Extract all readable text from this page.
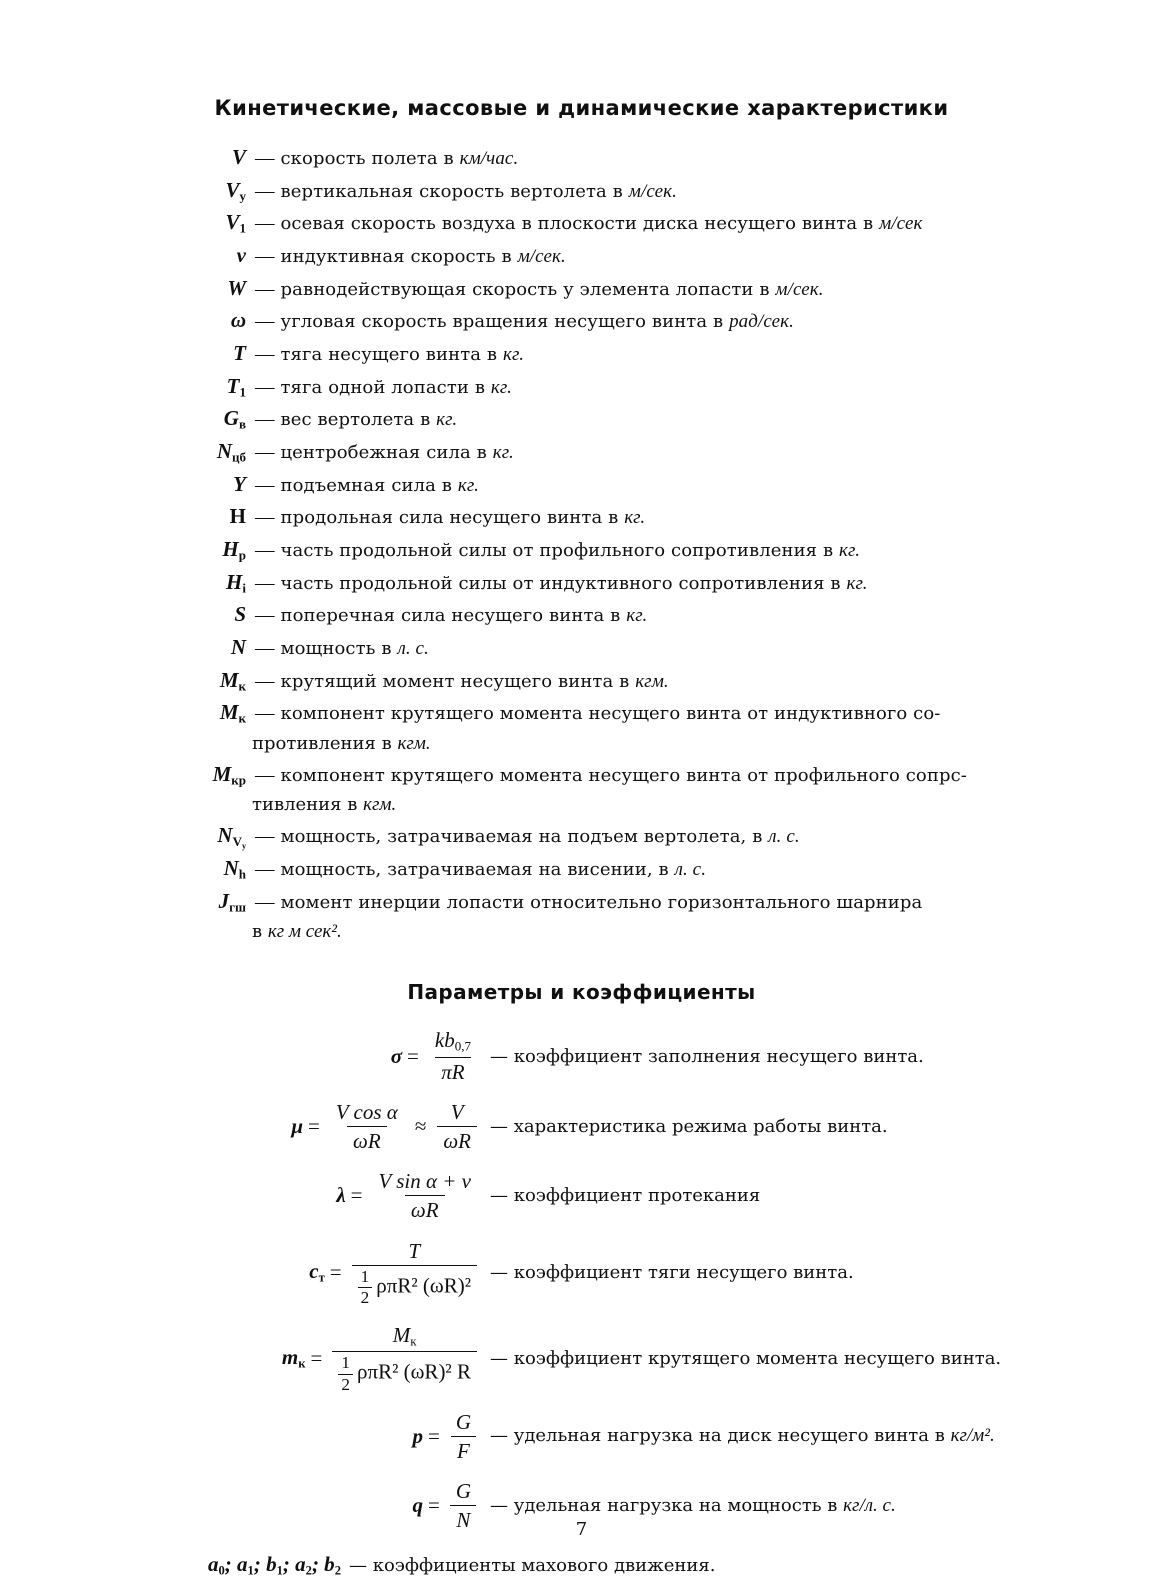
Кинетические, массовые и динамические характеристики
V — скорость полета в км/час.
$V_y$ — вертикальная скорость вертолета в м/сек.
$V_1$ — осевая скорость воздуха в плоскости диска несущего винта в м/сек
v — индуктивная скорость в м/сек.
W — равнодействующая скорость у элемента лопасти в м/сек.
ω — угловая скорость вращения несущего винта в рад/сек.
T — тяга несущего винта в кг.
$T_1$ — тяга одной лопасти в кг.
$G_в$ — вес вертолета в кг.
$N_{цб}$ — центробежная сила в кг.
Y — подъемная сила в кг.
H — продольная сила несущего винта в кг.
$H_p$ — часть продольной силы от профильного сопротивления в кг.
$H_i$ — часть продольной силы от индуктивного сопротивления в кг.
S — поперечная сила несущего винта в кг.
N — мощность в л. с.
$M_к$ — крутящий момент несущего винта в кгм.
$M_к$ — компонент крутящего момента несущего винта от индуктивного со-
противления в кгм.
$M_{кр}$ — компонент крутящего момента несущего винта от профильного сопрс-
тивления в кгм.
$N_{V_y}$ — мощность, затрачиваемая на подъем вертолета, в л. с.
$N_h$ — мощность, затрачиваемая на висении, в л. с.
$J_{гш}$ — момент инерции лопасти относительно горизонтального шарнира
в кг м сек².
Параметры и коэффициенты
$\sigma = \frac{kb_{0,7}}{\pi R}$ — коэффициент заполнения несущего винта.
$\mu = \frac{\text{V cos α}}{\omega R} \approx \frac{V}{\omega R}$ — характеристика режима работы винта.
$\lambda = \frac{\text{V sin α + v}}{\omega R}$ — коэффициент протекания
$c_т = \frac{T}{\frac{1}{2} \rho\pi R^2 (\omega R)^2}$ — коэффициент тяги несущего винта.
$m_к = \frac{M_к}{\frac{1}{2} \rho\pi R^2 (\omega R)^2 R}$ — коэффициент крутящего момента несущего винта.
$p = \frac{G}{F}$ — удельная нагрузка на диск несущего винта в кг/м².
$q = \frac{G}{N}$ — удельная нагрузка на мощность в кг/л. с.
$a_0$; $a_1$; $b_1$; $a_2$; $b_2$ — коэффициенты махового движения.
7
